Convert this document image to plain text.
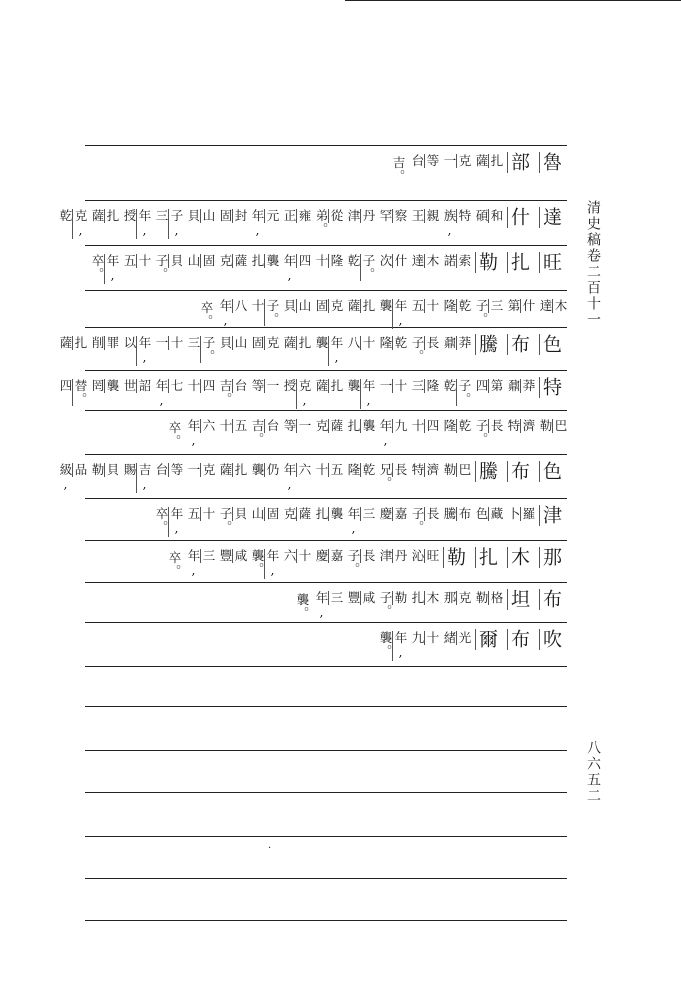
清史稿卷二百十一
八六五二
·
魯
部
扎
薩
克
一
等
台
吉。
達
什
和
碩
特
族,
親
王
察
罕
丹
津
從
弟。
雍
正
元
年,
封
固
山
貝
子,
三
年,
授
扎
薩
克,
乾
旺
扎
勒
索
諾
木
達
什
次
子。
乾
隆
十
四
年,
襲
扎
薩
克
固
山
貝
子。
十
五
年,
卒。
木
達
什
第
三
子。
乾
隆
十
五
年,
襲
扎
薩
克
固
山
貝
子。
十
八
年,
卒。
色
布
騰
莽
鼐
長
子。
乾
隆
十
八
年,
襲
扎
薩
克
固
山
貝
子。
三
十
一
年,
以
罪
削
扎
薩
特
莽
鼐
第
四
子。
乾
隆
三
十
一
年,
襲
扎
薩
克,
授
一
等
台
吉。
四
十
七
年,
詔
世
襲
罔
替。
四
巴
勒
濟
特
長
子。
乾
隆
四
十
九
年,
襲
扎
薩
克
一
等
台
吉。
五
十
六
年,
卒。
色
布
騰
巴
勒
濟
特
長
兄。
乾
隆
五
十
六
年,
仍
襲
扎
薩
克
一
等
台
吉,
賜
貝
勒
品
級,
津
羅
卜
藏
色
布
騰
長
子。
嘉
慶
三
年,
襲
扎
薩
克
固
山
貝
子。
十
五
年,
卒。
那
木
扎
勒
旺
沁
丹
津
長
子。
嘉
慶
十
六
年,
襲。
咸
豐
三
年,
卒。
布
坦
格
勒
克
那
木
扎
勒
子。
咸
豐
三
年,
襲。
吹
布
爾
光
緒
十
九
年,
襲。
